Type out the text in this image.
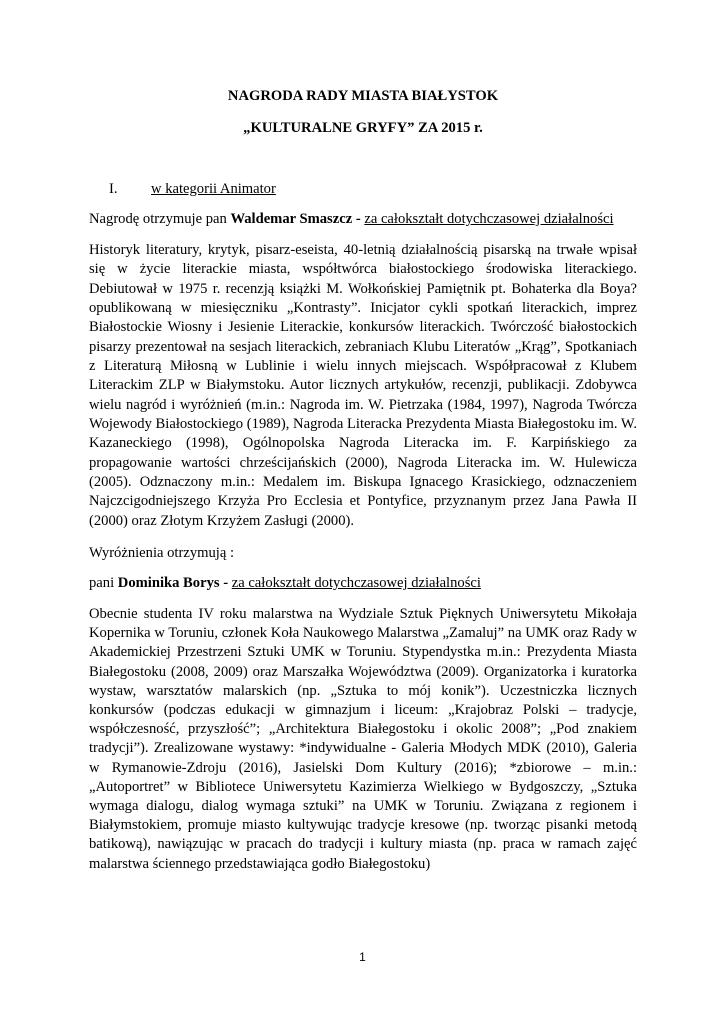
NAGRODA RADY MIASTA BIAŁYSTOK

„KULTURALNE GRYFY” ZA 2015 r.

I. w kategorii Animator
Nagrodę otrzymuje pan Waldemar Smaszcz - za całokształt dotychczasowej działalności

Historyk literatury, krytyk, pisarz-eseista, 40-letnią działalnością pisarską na trwałe wpisał się w życie literackie miasta, współtwórca białostockiego środowiska literackiego. Debiutował w 1975 r. recenzją książki M. Wołkońskiej Pamiętnik pt. Bohaterka dla Boya? opublikowaną w miesięczniku „Kontrasty”. Inicjator cykli spotkań literackich, imprez Białostockie Wiosny i Jesienie Literackie, konkursów literackich. Twórczość białostockich pisarzy prezentował na sesjach literackich, zebraniach Klubu Literatów „Krąg”, Spotkaniach z Literaturą Miłosną w Lublinie i wielu innych miejscach. Współpracował z Klubem Literackim ZLP w Białymstoku. Autor licznych artykułów, recenzji, publikacji. Zdobywca wielu nagród i wyróżnień (m.in.: Nagroda im. W. Pietrzaka (1984, 1997), Nagroda Twórcza Wojewody Białostockiego (1989), Nagroda Literacka Prezydenta Miasta Białegostoku im. W. Kazaneckiego (1998), Ogólnopolska Nagroda Literacka im. F. Karpińskiego za propagowanie wartości chrześcijańskich (2000), Nagroda Literacka im. W. Hulewicza (2005). Odznaczony m.in.: Medalem im. Biskupa Ignacego Krasickiego, odznaczeniem Najczcigodniejszego Krzyża Pro Ecclesia et Pontyfice, przyznanym przez Jana Pawła II (2000) oraz Złotym Krzyżem Zasługi (2000).

Wyróżnienia otrzymują :
pani Dominika Borys - za całokształt dotychczasowej działalności

Obecnie studenta IV roku malarstwa na Wydziale Sztuk Pięknych Uniwersytetu Mikołaja Kopernika w Toruniu, członek Koła Naukowego Malarstwa „Zamaluj” na UMK oraz Rady w Akademickiej Przestrzeni Sztuki UMK w Toruniu. Stypendystka m.in.: Prezydenta Miasta Białegostoku (2008, 2009) oraz Marszałka Województwa (2009). Organizatorka i kuratorka wystaw, warsztatów malarskich (np. „Sztuka to mój konik”). Uczestniczka licznych konkursów (podczas edukacji w gimnazjum i liceum: „Krajobraz Polski – tradycje, współczesność, przyszłość”; „Architektura Białegostoku i okolic 2008”; „Pod znakiem tradycji”). Zrealizowane wystawy: *indywidualne - Galeria Młodych MDK (2010), Galeria w Rymanowie-Zdroju (2016), Jasielski Dom Kultury (2016); *zbiorowe – m.in.: „Autoportret” w Bibliotece Uniwersytetu Kazimierza Wielkiego w Bydgoszczy, „Sztuka wymaga dialogu, dialog wymaga sztuki” na UMK w Toruniu. Związana z regionem i Białymstokiem, promuje miasto kultywując tradycje kresowe (np. tworząc pisanki metodą batikową), nawiązując w pracach do tradycji i kultury miasta (np. praca w ramach zajęć malarstwa ściennego przedstawiająca godło Białegostoku)

1
